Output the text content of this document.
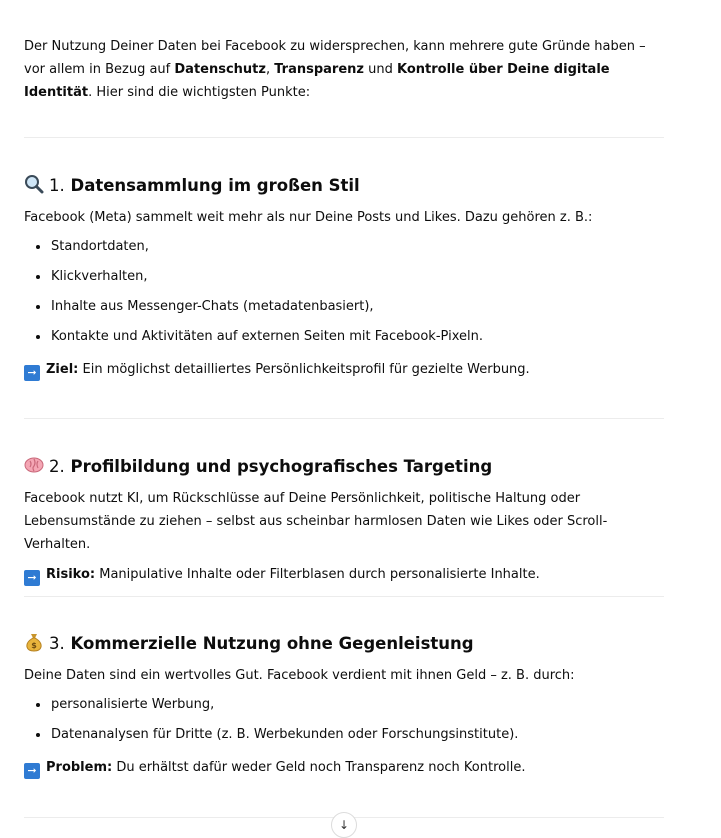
Der Nutzung Deiner Daten bei Facebook zu widersprechen, kann mehrere gute Gründe haben – vor allem in Bezug auf Datenschutz, Transparenz und Kontrolle über Deine digitale Identität. Hier sind die wichtigsten Punkte:

1. Datensammlung im großen Stil

Facebook (Meta) sammelt weit mehr als nur Deine Posts und Likes. Dazu gehören z. B.:

Standortdaten,
Klickverhalten,
Inhalte aus Messenger-Chats (metadatenbasiert),
Kontakte und Aktivitäten auf externen Seiten mit Facebook-Pixeln.

➞ Ziel: Ein möglichst detailliertes Persönlichkeitsprofil für gezielte Werbung.

2. Profilbildung und psychografisches Targeting

Facebook nutzt KI, um Rückschlüsse auf Deine Persönlichkeit, politische Haltung oder Lebensumstände zu ziehen – selbst aus scheinbar harmlosen Daten wie Likes oder Scroll-Verhalten.

➞ Risiko: Manipulative Inhalte oder Filterblasen durch personalisierte Inhalte.

$ 3. Kommerzielle Nutzung ohne Gegenleistung

Deine Daten sind ein wertvolles Gut. Facebook verdient mit ihnen Geld – z. B. durch:

personalisierte Werbung,
Datenanalysen für Dritte (z. B. Werbekunden oder Forschungsinstitute).

➞ Problem: Du erhältst dafür weder Geld noch Transparenz noch Kontrolle.

↓
